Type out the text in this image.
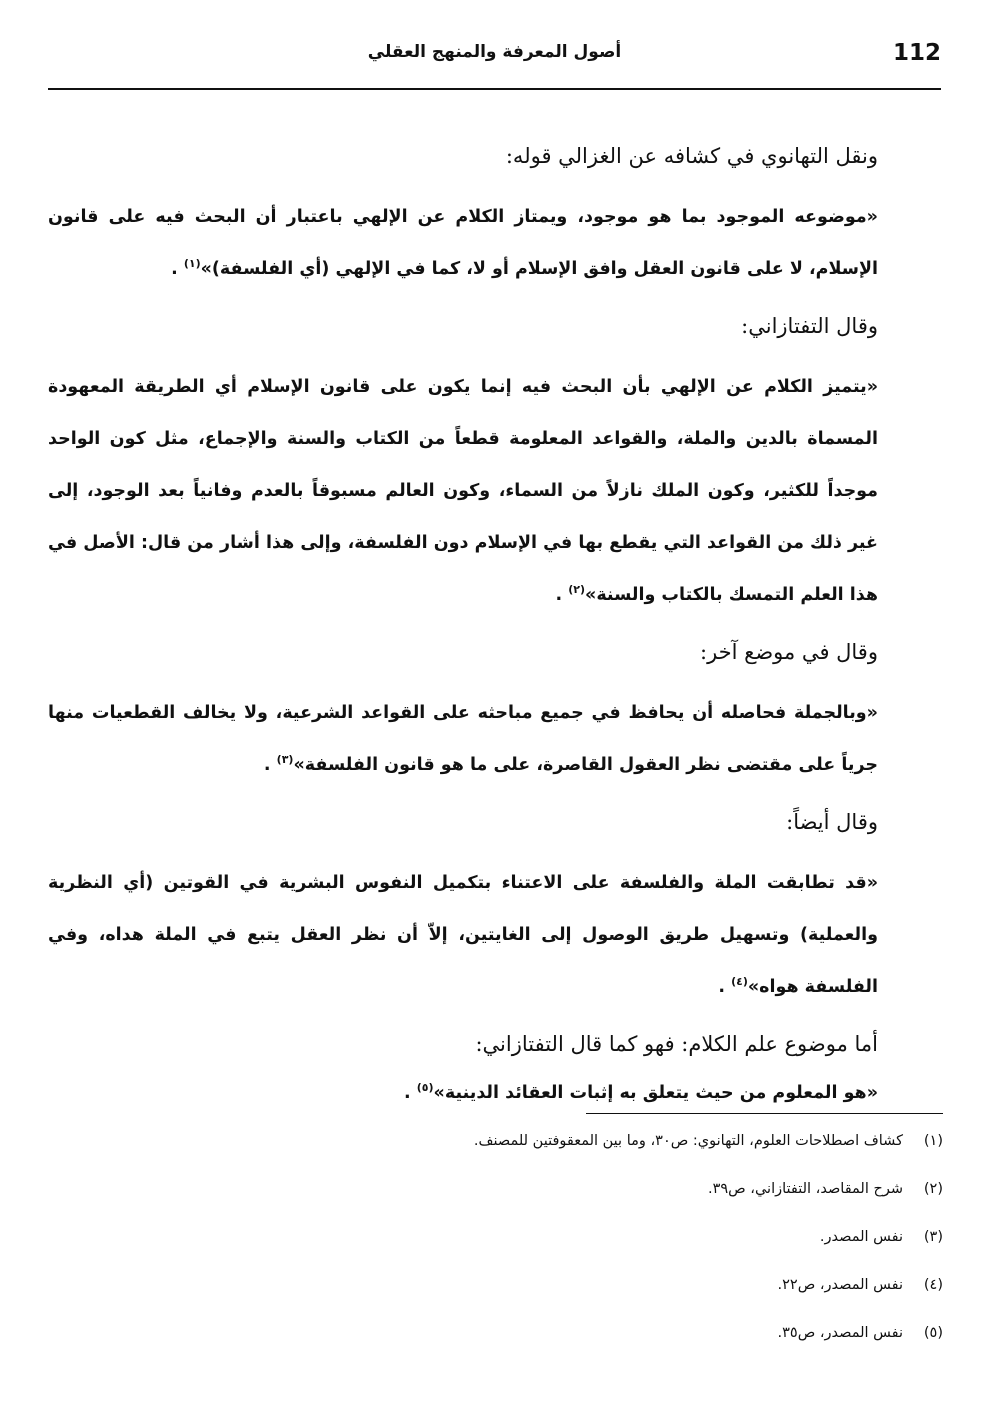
112
أصول المعرفة والمنهج العقلي

ونقل التهانوي في كشافه عن الغزالي قوله:

«موضوعه الموجود بما هو موجود، ويمتاز الكلام عن الإلهي باعتبار أن البحث فيه على قانون الإسلام، لا على قانون العقل وافق الإسلام أو لا، كما في الإلهي (أي الفلسفة)»$^{(١)}$ .

وقال التفتازاني:

«يتميز الكلام عن الإلهي بأن البحث فيه إنما يكون على قانون الإسلام أي الطريقة المعهودة المسماة بالدين والملة، والقواعد المعلومة قطعاً من الكتاب والسنة والإجماع، مثل كون الواحد موجداً للكثير، وكون الملك نازلاً من السماء، وكون العالم مسبوقاً بالعدم وفانياً بعد الوجود، إلى غير ذلك من القواعد التي يقطع بها في الإسلام دون الفلسفة، وإلى هذا أشار من قال: الأصل في هذا العلم التمسك بالكتاب والسنة»$^{(٢)}$ .

وقال في موضع آخر:

«وبالجملة فحاصله أن يحافظ في جميع مباحثه على القواعد الشرعية، ولا يخالف القطعيات منها جرياً على مقتضى نظر العقول القاصرة، على ما هو قانون الفلسفة»$^{(٣)}$ .

وقال أيضاً:

«قد تطابقت الملة والفلسفة على الاعتناء بتكميل النفوس البشرية في القوتين (أي النظرية والعملية) وتسهيل طريق الوصول إلى الغايتين، إلاّ أن نظر العقل يتبع في الملة هداه، وفي الفلسفة هواه»$^{(٤)}$ .

أما موضوع علم الكلام: فهو كما قال التفتازاني:

«هو المعلوم من حيث يتعلق به إثبات العقائد الدينية»$^{(٥)}$ .

(١)
كشاف اصطلاحات العلوم، التهانوي: ص٣٠، وما بين المعقوفتين للمصنف.
(٢)
شرح المقاصد، التفتازاني، ص٣٩.
(٣)
نفس المصدر.
(٤)
نفس المصدر، ص٢٢.
(٥)
نفس المصدر، ص٣٥.
